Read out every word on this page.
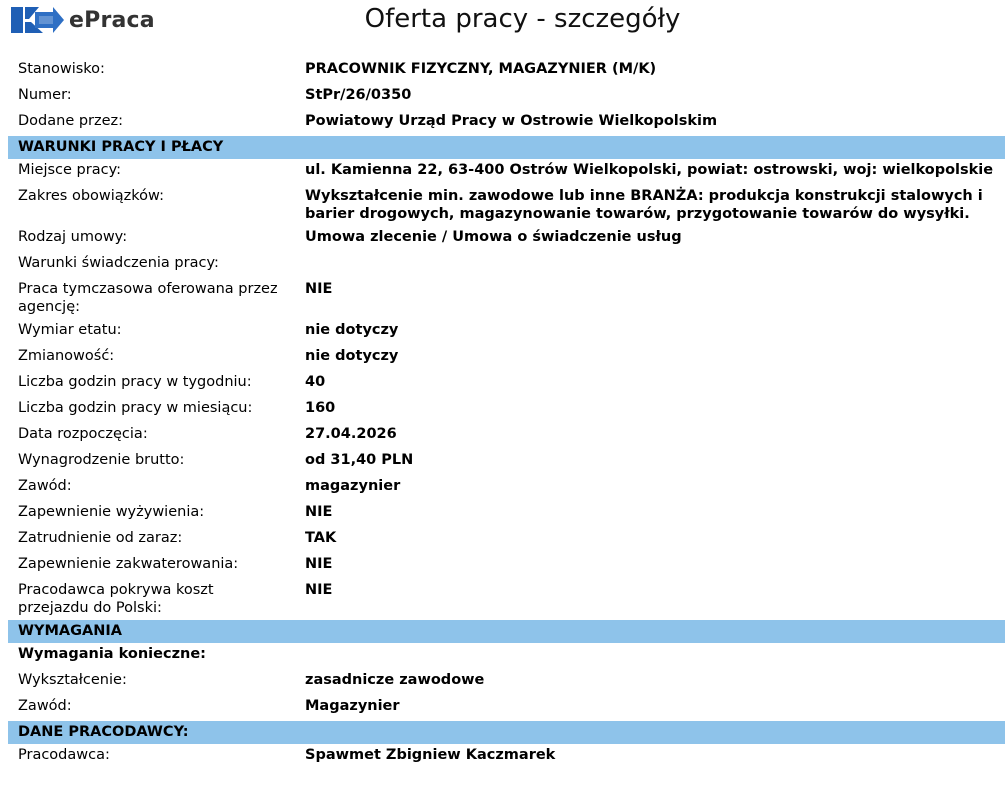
ePraca	Oferta pracy - szczegóły
Stanowisko:	PRACOWNIK FIZYCZNY, MAGAZYNIER (M/K)
Numer:	StPr/26/0350
Dodane przez:	Powiatowy Urząd Pracy w Ostrowie Wielkopolskim
WARUNKI PRACY I PŁACY	
Miejsce pracy:	ul. Kamienna 22, 63-400 Ostrów Wielkopolski, powiat: ostrowski, woj: wielkopolskie
Zakres obowiązków:	Wykształcenie min. zawodowe lub inne BRANŻA: produkcja konstrukcji stalowych i barier drogowych, magazynowanie towarów, przygotowanie towarów do wysyłki.
Rodzaj umowy:	Umowa zlecenie / Umowa o świadczenie usług
Warunki świadczenia pracy:	
Praca tymczasowa oferowana przez agencję:	NIE
Wymiar etatu:	nie dotyczy
Zmianowość:	nie dotyczy
Liczba godzin pracy w tygodniu:	40
Liczba godzin pracy w miesiącu:	160
Data rozpoczęcia:	27.04.2026
Wynagrodzenie brutto:	od 31,40 PLN
Zawód:	magazynier
Zapewnienie wyżywienia:	NIE
Zatrudnienie od zaraz:	TAK
Zapewnienie zakwaterowania:	NIE
Pracodawca pokrywa koszt przejazdu do Polski:	NIE
WYMAGANIA	
Wymagania konieczne:	
Wykształcenie:	zasadnicze zawodowe
Zawód:	Magazynier
DANE PRACODAWCY:	
Pracodawca:	Spawmet Zbigniew Kaczmarek
